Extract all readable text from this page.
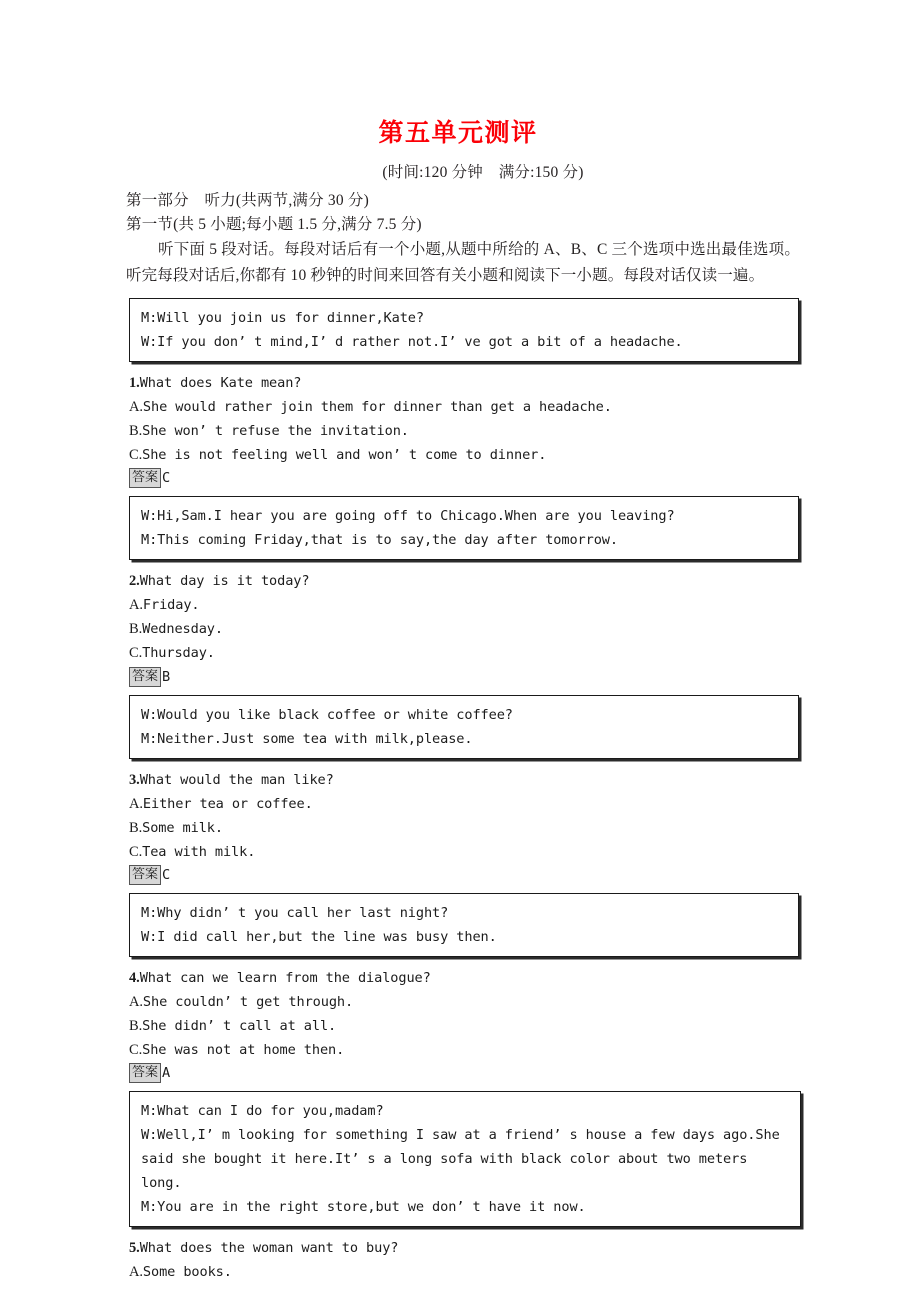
第五单元测评

(时间:120 分钟　满分:150 分)

第一部分　听力(共两节,满分 30 分)

第一节(共 5 小题;每小题 1.5 分,满分 7.5 分)

听下面 5 段对话。每段对话后有一个小题,从题中所给的 A、B、C 三个选项中选出最佳选项。听完每段对话后,你都有 10 秒钟的时间来回答有关小题和阅读下一小题。每段对话仅读一遍。

M:Will you join us for dinner,Kate?
W:If you don’ t mind,I’ d rather not.I’ ve got a bit of a headache.

1.What does Kate mean?

A.She would rather join them for dinner than get a headache.

B.She won’ t refuse the invitation.

C.She is not feeling well and won’ t come to dinner.

答案 C
W:Hi,Sam.I hear you are going off to Chicago.When are you leaving?
M:This coming Friday,that is to say,the day after tomorrow.

2.What day is it today?

A.Friday.

B.Wednesday.

C.Thursday.

答案 B
W:Would you like black coffee or white coffee?
M:Neither.Just some tea with milk,please.

3.What would the man like?

A.Either tea or coffee.

B.Some milk.

C.Tea with milk.

答案 C
M:Why didn’ t you call her last night?
W:I did call her,but the line was busy then.

4.What can we learn from the dialogue?

A.She couldn’ t get through.

B.She didn’ t call at all.

C.She was not at home then.

答案 A
M:What can I do for you,madam?
W:Well,I’ m looking for something I saw at a friend’ s house a few days ago.She said she bought it here.It’ s a long sofa with black color about two meters long.
M:You are in the right store,but we don’ t have it now.

5.What does the woman want to buy?

A.Some books.
